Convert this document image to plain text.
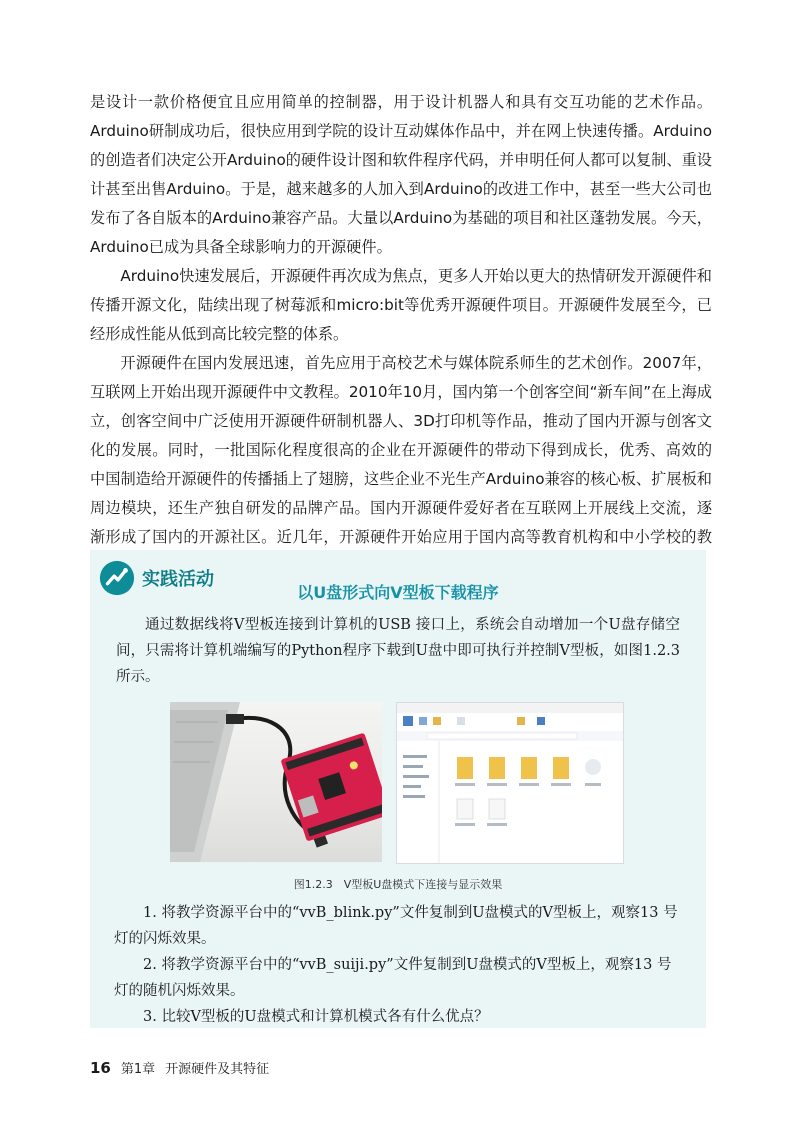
是设计一款价格便宜且应用简单的控制器，用于设计机器人和具有交互功能的艺术作品。Arduino研制成功后，很快应用到学院的设计互动媒体作品中，并在网上快速传播。Arduino的创造者们决定公开Arduino的硬件设计图和软件程序代码，并申明任何人都可以复制、重设计甚至出售Arduino。于是，越来越多的人加入到Arduino的改进工作中，甚至一些大公司也发布了各自版本的Arduino兼容产品。大量以Arduino为基础的项目和社区蓬勃发展。今天，Arduino已成为具备全球影响力的开源硬件。

Arduino快速发展后，开源硬件再次成为焦点，更多人开始以更大的热情研发开源硬件和传播开源文化，陆续出现了树莓派和micro:bit等优秀开源硬件项目。开源硬件发展至今，已经形成性能从低到高比较完整的体系。

开源硬件在国内发展迅速，首先应用于高校艺术与媒体院系师生的艺术创作。2007年，互联网上开始出现开源硬件中文教程。2010年10月，国内第一个创客空间“新车间”在上海成立，创客空间中广泛使用开源硬件研制机器人、3D打印机等作品，推动了国内开源与创客文化的发展。同时，一批国际化程度很高的企业在开源硬件的带动下得到成长，优秀、高效的中国制造给开源硬件的传播插上了翅膀，这些企业不光生产Arduino兼容的核心板、扩展板和周边模块，还生产独自研发的品牌产品。国内开源硬件爱好者在互联网上开展线上交流，逐渐形成了国内的开源社区。近几年，开源硬件开始应用于国内高等教育机构和中小学校的教

实践活动
以U盘形式向V型板下载程序

通过数据线将V型板连接到计算机的USB 接口上，系统会自动增加一个U盘存储空间，只需将计算机端编写的Python程序下载到U盘中即可执行并控制V型板，如图1.2.3所示。

图1.2.3　V型板U盘模式下连接与显示效果

1. 将教学资源平台中的“vvB_blink.py”文件复制到U盘模式的V型板上，观察13 号灯的闪烁效果。

2. 将教学资源平台中的“vvB_suiji.py”文件复制到U盘模式的V型板上，观察13 号灯的随机闪烁效果。

3. 比较V型板的U盘模式和计算机模式各有什么优点？

16 第1章 开源硬件及其特征
